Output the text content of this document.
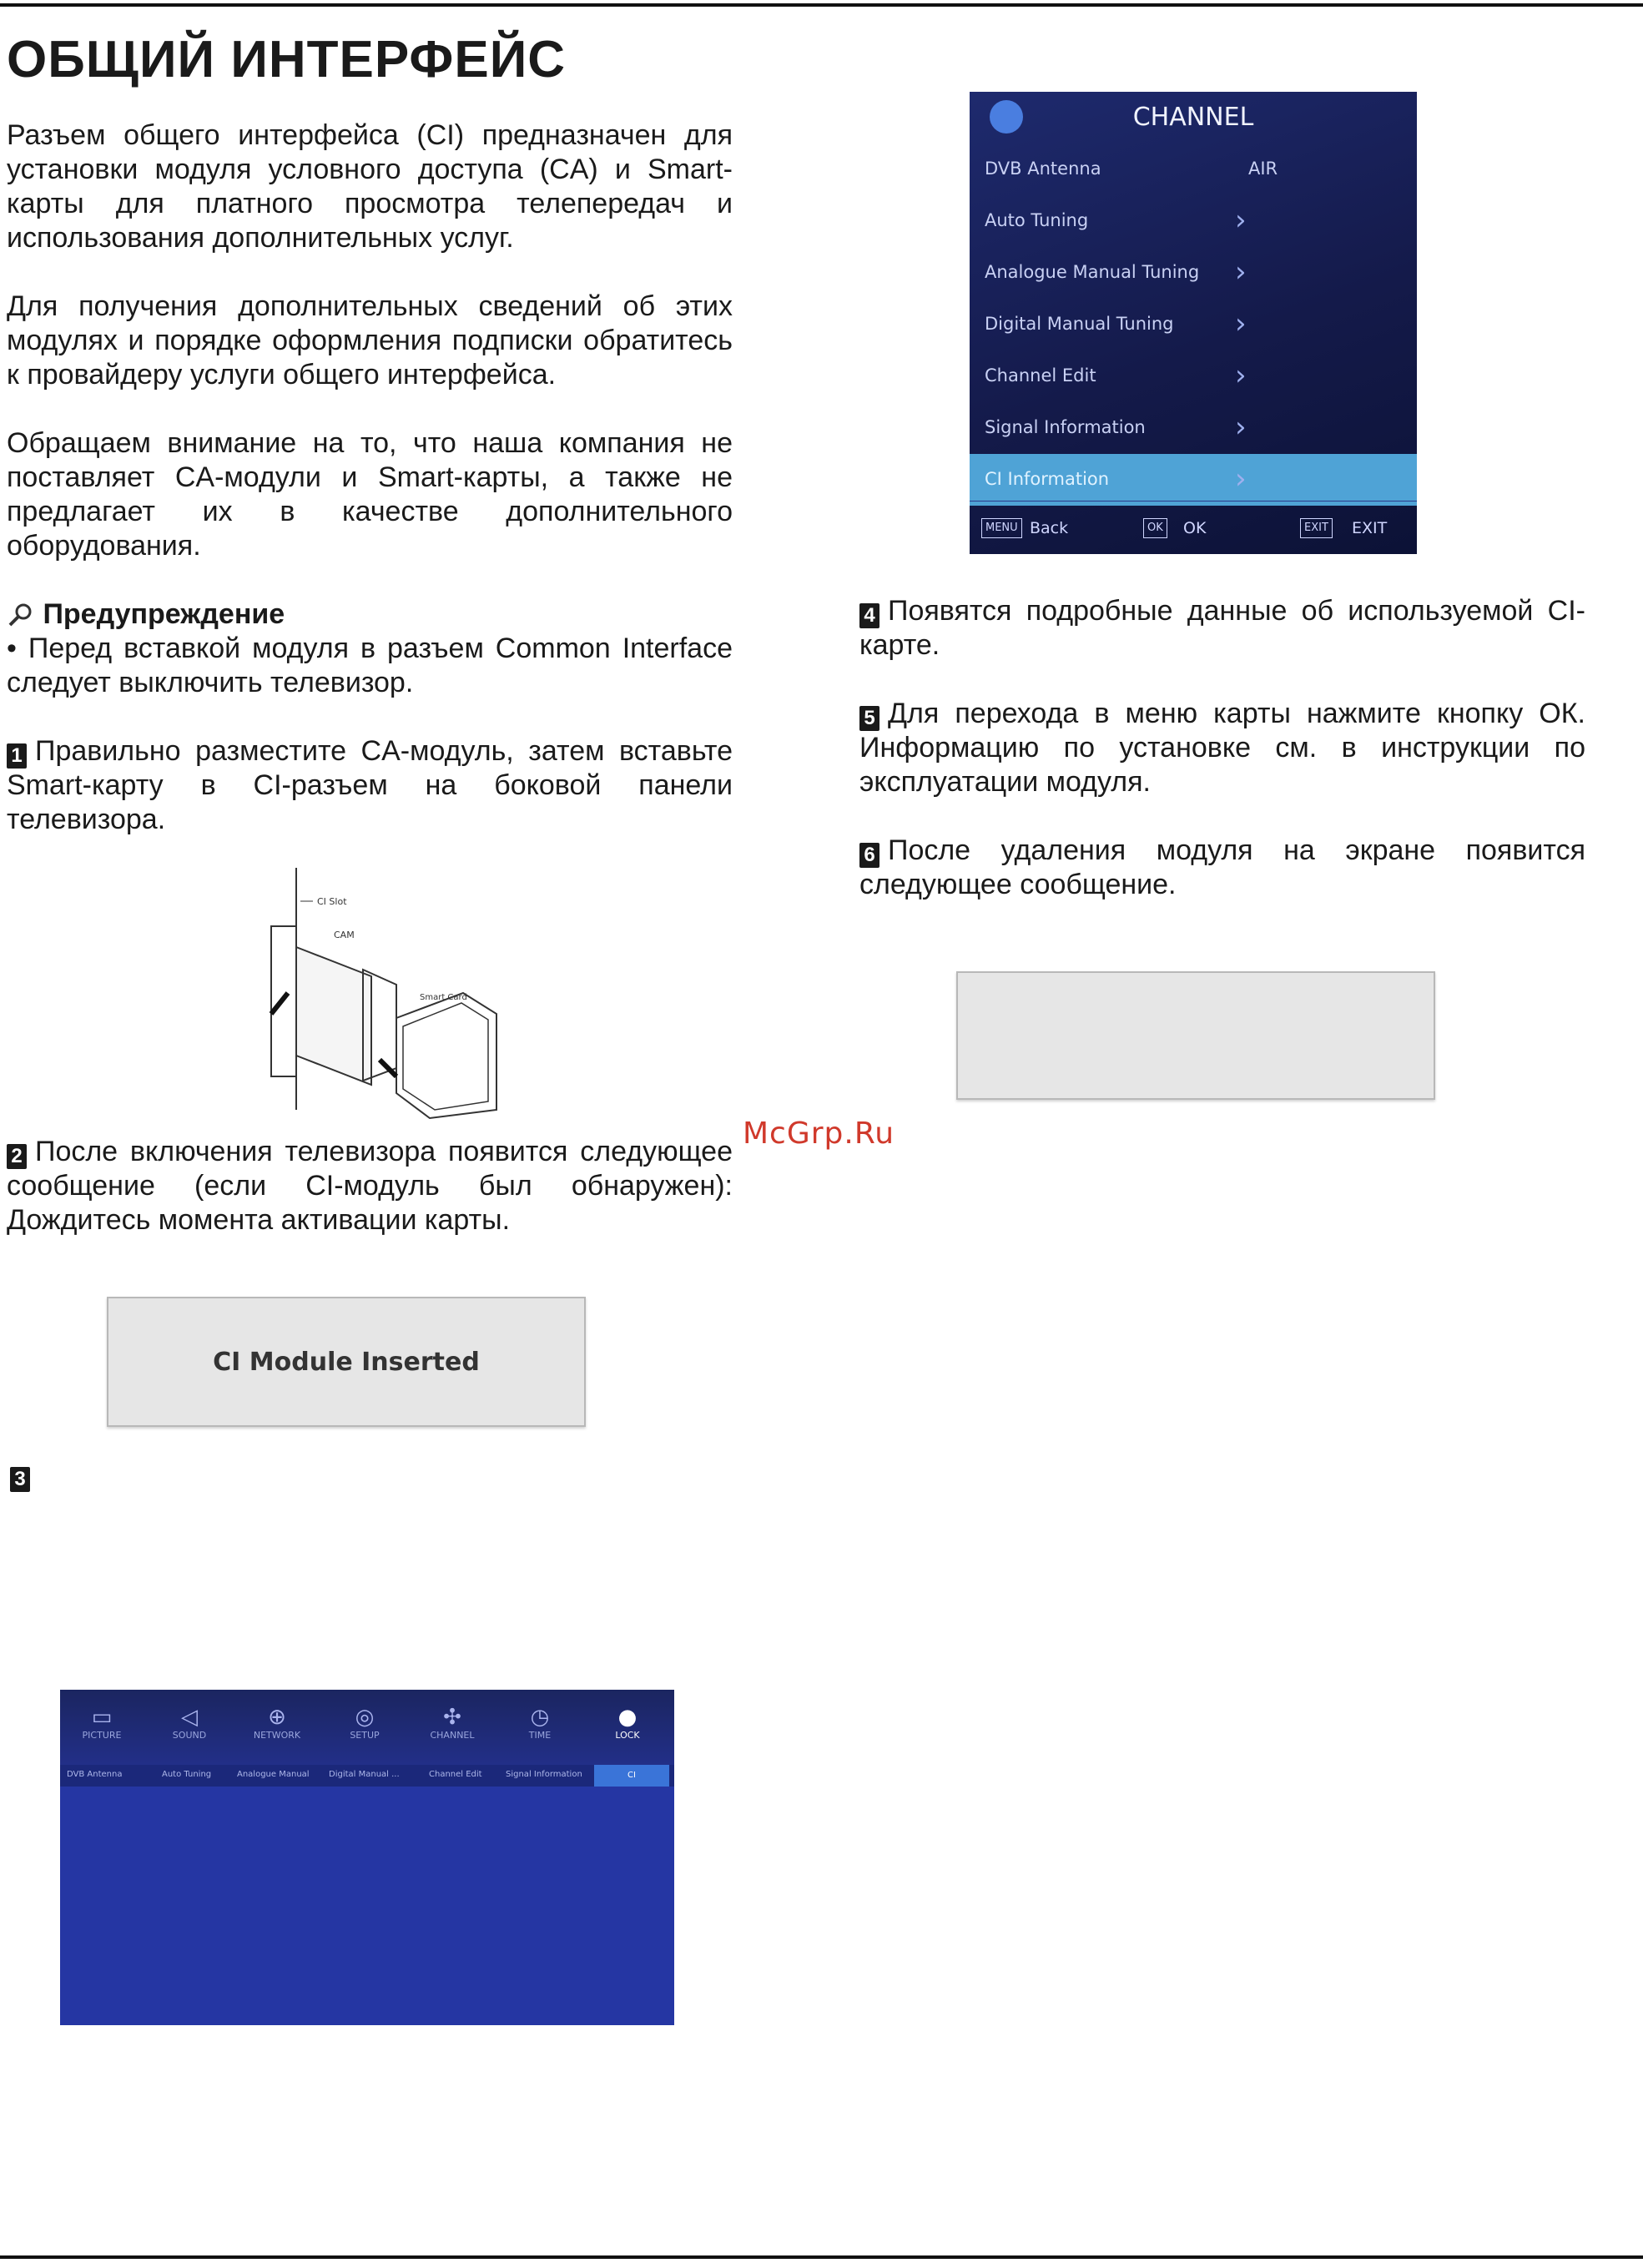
ОБЩИЙ ИНТЕРФЕЙС

Разъем общего интерфейса (CI) предназначен для установки модуля условного доступа (CA) и Smart-карты для платного просмотра телепередач и использования дополнительных услуг.

Для получения дополнительных сведений об этих модулях и порядке оформления подписки обратитесь к провайдеру услуги общего интерфейса.

Обращаем внимание на то, что наша компания не поставляет CA-модули и Smart-карты, а также не предлагает их в качестве дополнительного оборудования.

Предупреждение

• Перед вставкой модуля в разъем Common Interface следует выключить телевизор.

1 Правильно разместите CA-модуль, затем вставьте Smart-карту в CI-разъем на боковой панели телевизора.

CI Slot
CAM
Smart Card

2 После включения телевизора появится следующее сообщение (если CI-модуль был обнаружен): Дождитесь момента активации карты.

McGrp.Ru
CI Module Inserted
3
▭
PICTURE
◁
SOUND
⊕
NETWORK
◎
SETUP
✣
CHANNEL
◷
TIME
●
LOCK
DVB Antenna	Auto Tuning	Analogue Manual Digital Manual ...	Channel Edit	Signal Information	CI
CHANNEL
DVB Antenna	AIR
Auto Tuning	›
Analogue Manual Tuning ›
Digital Manual Tuning ›
Channel Edit	›
Signal Information	›
CI Information	›
MENU Back	OK OK	EXIT EXIT

4 Появятся подробные данные об используемой CI-карте.

5 Для перехода в меню карты нажмите кнопку ОК. Информацию по установке см. в инструкции по эксплуатации модуля.

6 После удаления модуля на экране появится следующее сообщение.
